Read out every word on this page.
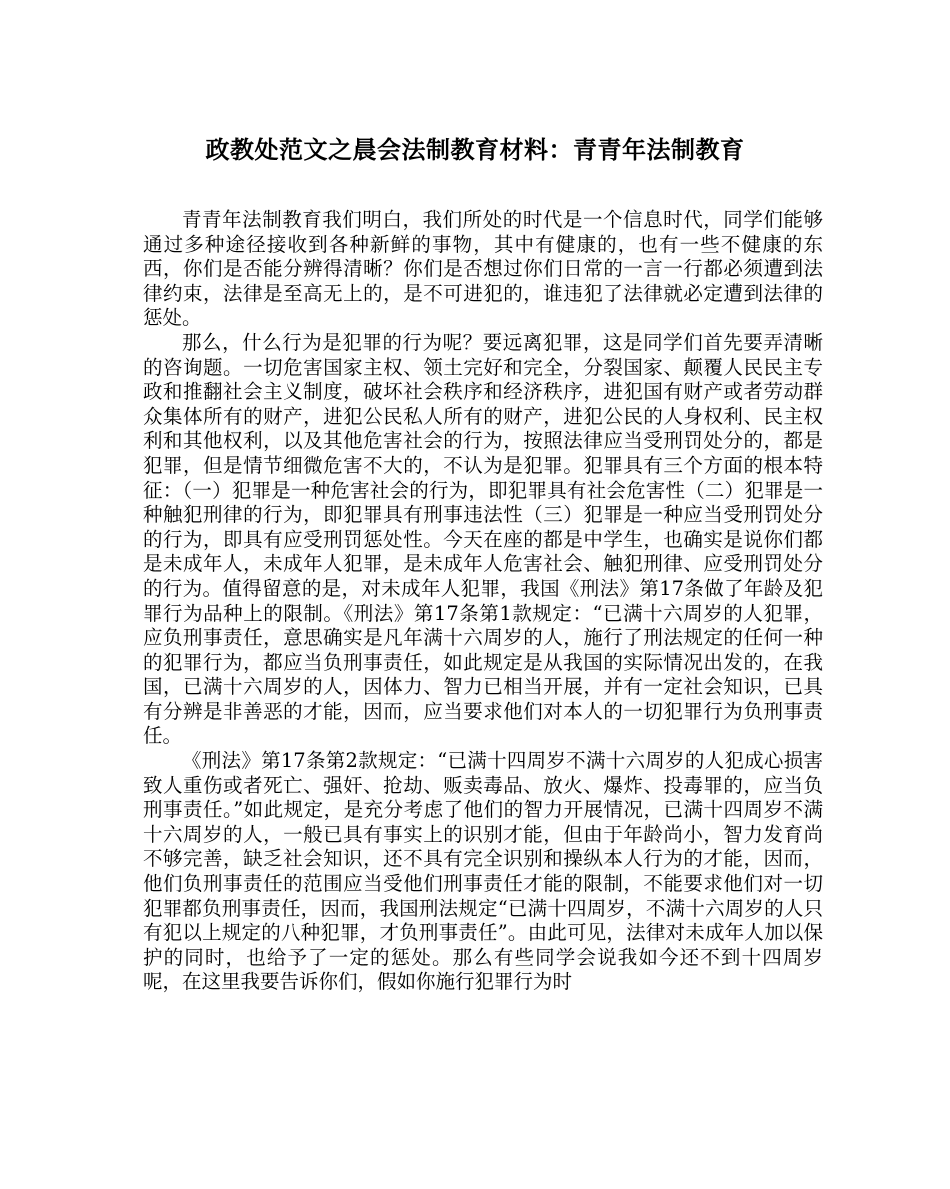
政教处范文之晨会法制教育材料：青青年法制教育

青青年法制教育我们明白，我们所处的时代是一个信息时代，同学们能够通过多种途径接收到各种新鲜的事物，其中有健康的，也有一些不健康的东西，你们是否能分辨得清晰？你们是否想过你们日常的一言一行都必须遭到法律约束，法律是至高无上的，是不可进犯的，谁违犯了法律就必定遭到法律的惩处。

那么，什么行为是犯罪的行为呢？要远离犯罪，这是同学们首先要弄清晰的咨询题。一切危害国家主权、领土完好和完全，分裂国家、颠覆人民民主专政和推翻社会主义制度，破坏社会秩序和经济秩序，进犯国有财产或者劳动群众集体所有的财产，进犯公民私人所有的财产，进犯公民的人身权利、民主权利和其他权利，以及其他危害社会的行为，按照法律应当受刑罚处分的，都是犯罪，但是情节细微危害不大的，不认为是犯罪。犯罪具有三个方面的根本特征：（一）犯罪是一种危害社会的行为，即犯罪具有社会危害性（二）犯罪是一种触犯刑律的行为，即犯罪具有刑事违法性（三）犯罪是一种应当受刑罚处分的行为，即具有应受刑罚惩处性。今天在座的都是中学生，也确实是说你们都是未成年人，未成年人犯罪，是未成年人危害社会、触犯刑律、应受刑罚处分的行为。值得留意的是，对未成年人犯罪，我国《刑法》第17条做了年龄及犯罪行为品种上的限制。《刑法》第17条第1款规定：“已满十六周岁的人犯罪，应负刑事责任，意思确实是凡年满十六周岁的人，施行了刑法规定的任何一种的犯罪行为，都应当负刑事责任，如此规定是从我国的实际情况出发的，在我国，已满十六周岁的人，因体力、智力已相当开展，并有一定社会知识，已具有分辨是非善恶的才能，因而，应当要求他们对本人的一切犯罪行为负刑事责任。

《刑法》第17条第2款规定：“已满十四周岁不满十六周岁的人犯成心损害致人重伤或者死亡、强奸、抢劫、贩卖毒品、放火、爆炸、投毒罪的，应当负刑事责任。”如此规定，是充分考虑了他们的智力开展情况，已满十四周岁不满十六周岁的人，一般已具有事实上的识别才能，但由于年龄尚小，智力发育尚不够完善，缺乏社会知识，还不具有完全识别和操纵本人行为的才能，因而，他们负刑事责任的范围应当受他们刑事责任才能的限制，不能要求他们对一切犯罪都负刑事责任，因而，我国刑法规定“已满十四周岁，不满十六周岁的人只有犯以上规定的八种犯罪，才负刑事责任”。由此可见，法律对未成年人加以保护的同时，也给予了一定的惩处。那么有些同学会说我如今还不到十四周岁呢，在这里我要告诉你们，假如你施行犯罪行为时
